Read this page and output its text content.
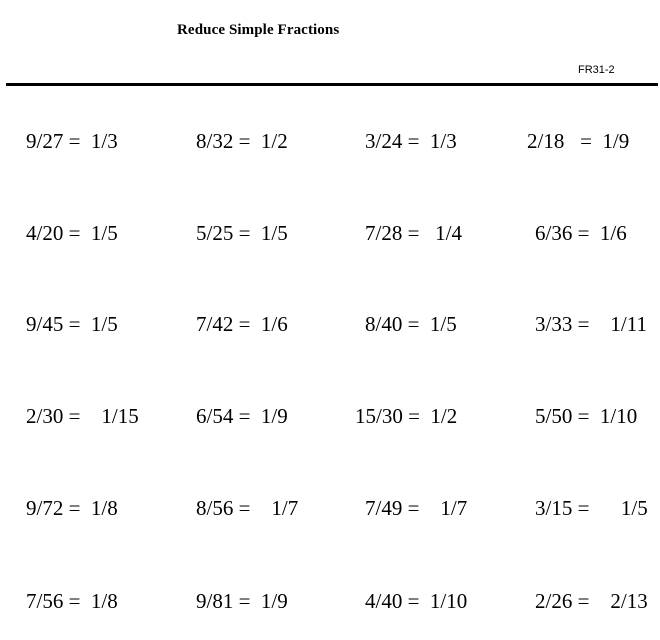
Reduce Simple Fractions
FR31-2
9/27 =  1/3	8/32 =  1/2	3/24 =  1/3	2/18   =  1/9
4/20 =  1/5	5/25 =  1/5	7/28 =   1/4	6/36 =  1/6
9/45 =  1/5	7/42 =  1/6	8/40 =  1/5	3/33 =    1/11
2/30 =    1/15	6/54 =  1/9	15/30 =  1/2	5/50 =  1/10
9/72 =  1/8	8/56 =    1/7	7/49 =    1/7	3/15 =      1/5
7/56 =  1/8	9/81 =  1/9	4/40 =  1/10	2/26 =    2/13
